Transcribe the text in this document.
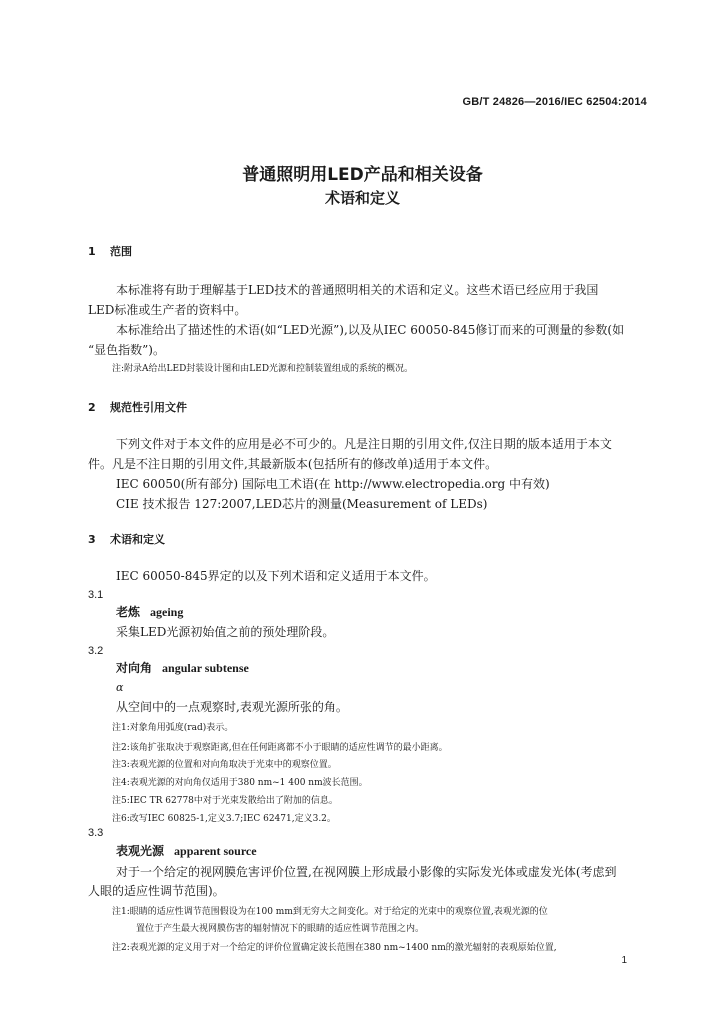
GB/T 24826—2016/IEC 62504:2014
普通照明用LED产品和相关设备
术语和定义
1 范围
本标准将有助于理解基于LED技术的普通照明相关的术语和定义。这些术语已经应用于我国
LED标准或生产者的资料中。
本标准给出了描述性的术语(如“LED光源”),以及从IEC 60050-845修订而来的可测量的参数(如
“显色指数”)。
注:附录A给出LED封装设计图和由LED光源和控制装置组成的系统的概况。
2 规范性引用文件
下列文件对于本文件的应用是必不可少的。凡是注日期的引用文件,仅注日期的版本适用于本文
件。凡是不注日期的引用文件,其最新版本(包括所有的修改单)适用于本文件。
IEC 60050(所有部分) 国际电工术语(在 http://www.electropedia.org 中有效)
CIE 技术报告 127:2007,LED芯片的测量(Measurement of LEDs)
3 术语和定义
IEC 60050-845界定的以及下列术语和定义适用于本文件。
3.1
老炼 ageing
采集LED光源初始值之前的预处理阶段。
3.2
对向角 angular subtense
α
从空间中的一点观察时,表观光源所张的角。
注1:对象角用弧度(rad)表示。
注2:该角扩张取决于观察距离,但在任何距离都不小于眼睛的适应性调节的最小距离。
注3:表观光源的位置和对向角取决于光束中的观察位置。
注4:表观光源的对向角仅适用于380 nm~1 400 nm波长范围。
注5:IEC TR 62778中对于光束发散给出了附加的信息。
注6:改写IEC 60825-1,定义3.7;IEC 62471,定义3.2。
3.3
表观光源 apparent source
对于一个给定的视网膜危害评价位置,在视网膜上形成最小影像的实际发光体或虚发光体(考虑到
人眼的适应性调节范围)。
注1:眼睛的适应性调节范围假设为在100 mm到无穷大之间变化。对于给定的光束中的观察位置,表观光源的位
置位于产生最大视网膜伤害的辐射情况下的眼睛的适应性调节范围之内。
注2:表观光源的定义用于对一个给定的评价位置确定波长范围在380 nm~1400 nm的激光辐射的表观原始位置,
1
